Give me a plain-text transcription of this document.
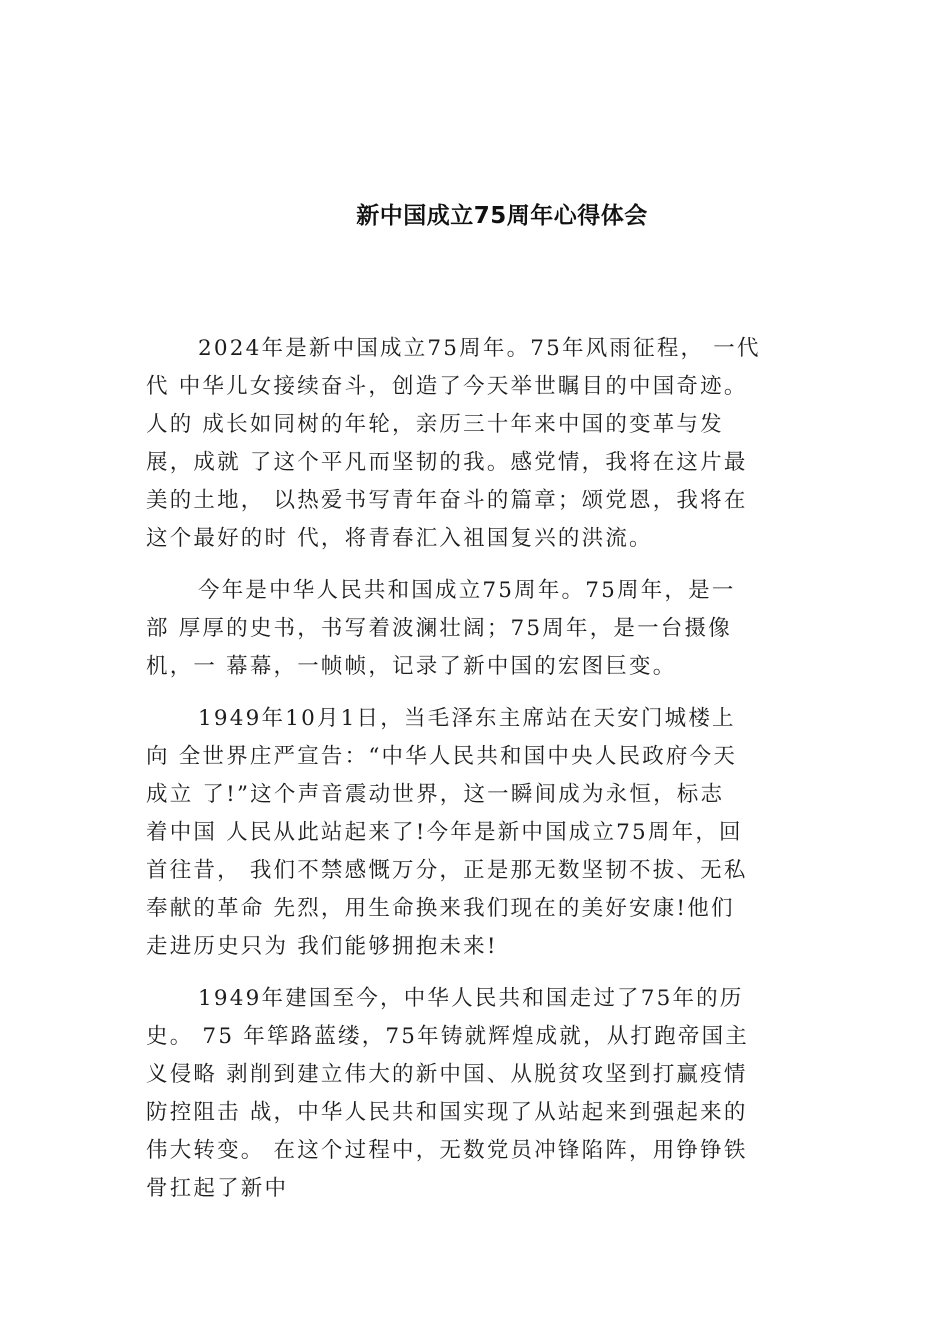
新中国成立75周年心得体会
2024年是新中国成立75周年。75年风雨征程， 一代
代 中华儿女接续奋斗，创造了今天举世瞩目的中国奇迹。
人的 成长如同树的年轮，亲历三十年来中国的变革与发
展，成就 了这个平凡而坚韧的我。感党情，我将在这片最
美的土地， 以热爱书写青年奋斗的篇章；颂党恩，我将在
这个最好的时 代，将青春汇入祖国复兴的洪流。
今年是中华人民共和国成立75周年。75周年，是一
部 厚厚的史书，书写着波澜壮阔；75周年，是一台摄像
机，一 幕幕，一帧帧，记录了新中国的宏图巨变。
1949年10月1日，当毛泽东主席站在天安门城楼上
向 全世界庄严宣告：“中华人民共和国中央人民政府今天
成立 了!”这个声音震动世界，这一瞬间成为永恒，标志
着中国 人民从此站起来了!今年是新中国成立75周年，回
首往昔， 我们不禁感慨万分，正是那无数坚韧不拔、无私
奉献的革命 先烈，用生命换来我们现在的美好安康!他们
走进历史只为 我们能够拥抱未来!
1949年建国至今，中华人民共和国走过了75年的历
史。 75 年筚路蓝缕，75年铸就辉煌成就，从打跑帝国主
义侵略 剥削到建立伟大的新中国、从脱贫攻坚到打赢疫情
防控阻击 战，中华人民共和国实现了从站起来到强起来的
伟大转变。 在这个过程中，无数党员冲锋陷阵，用铮铮铁
骨扛起了新中
